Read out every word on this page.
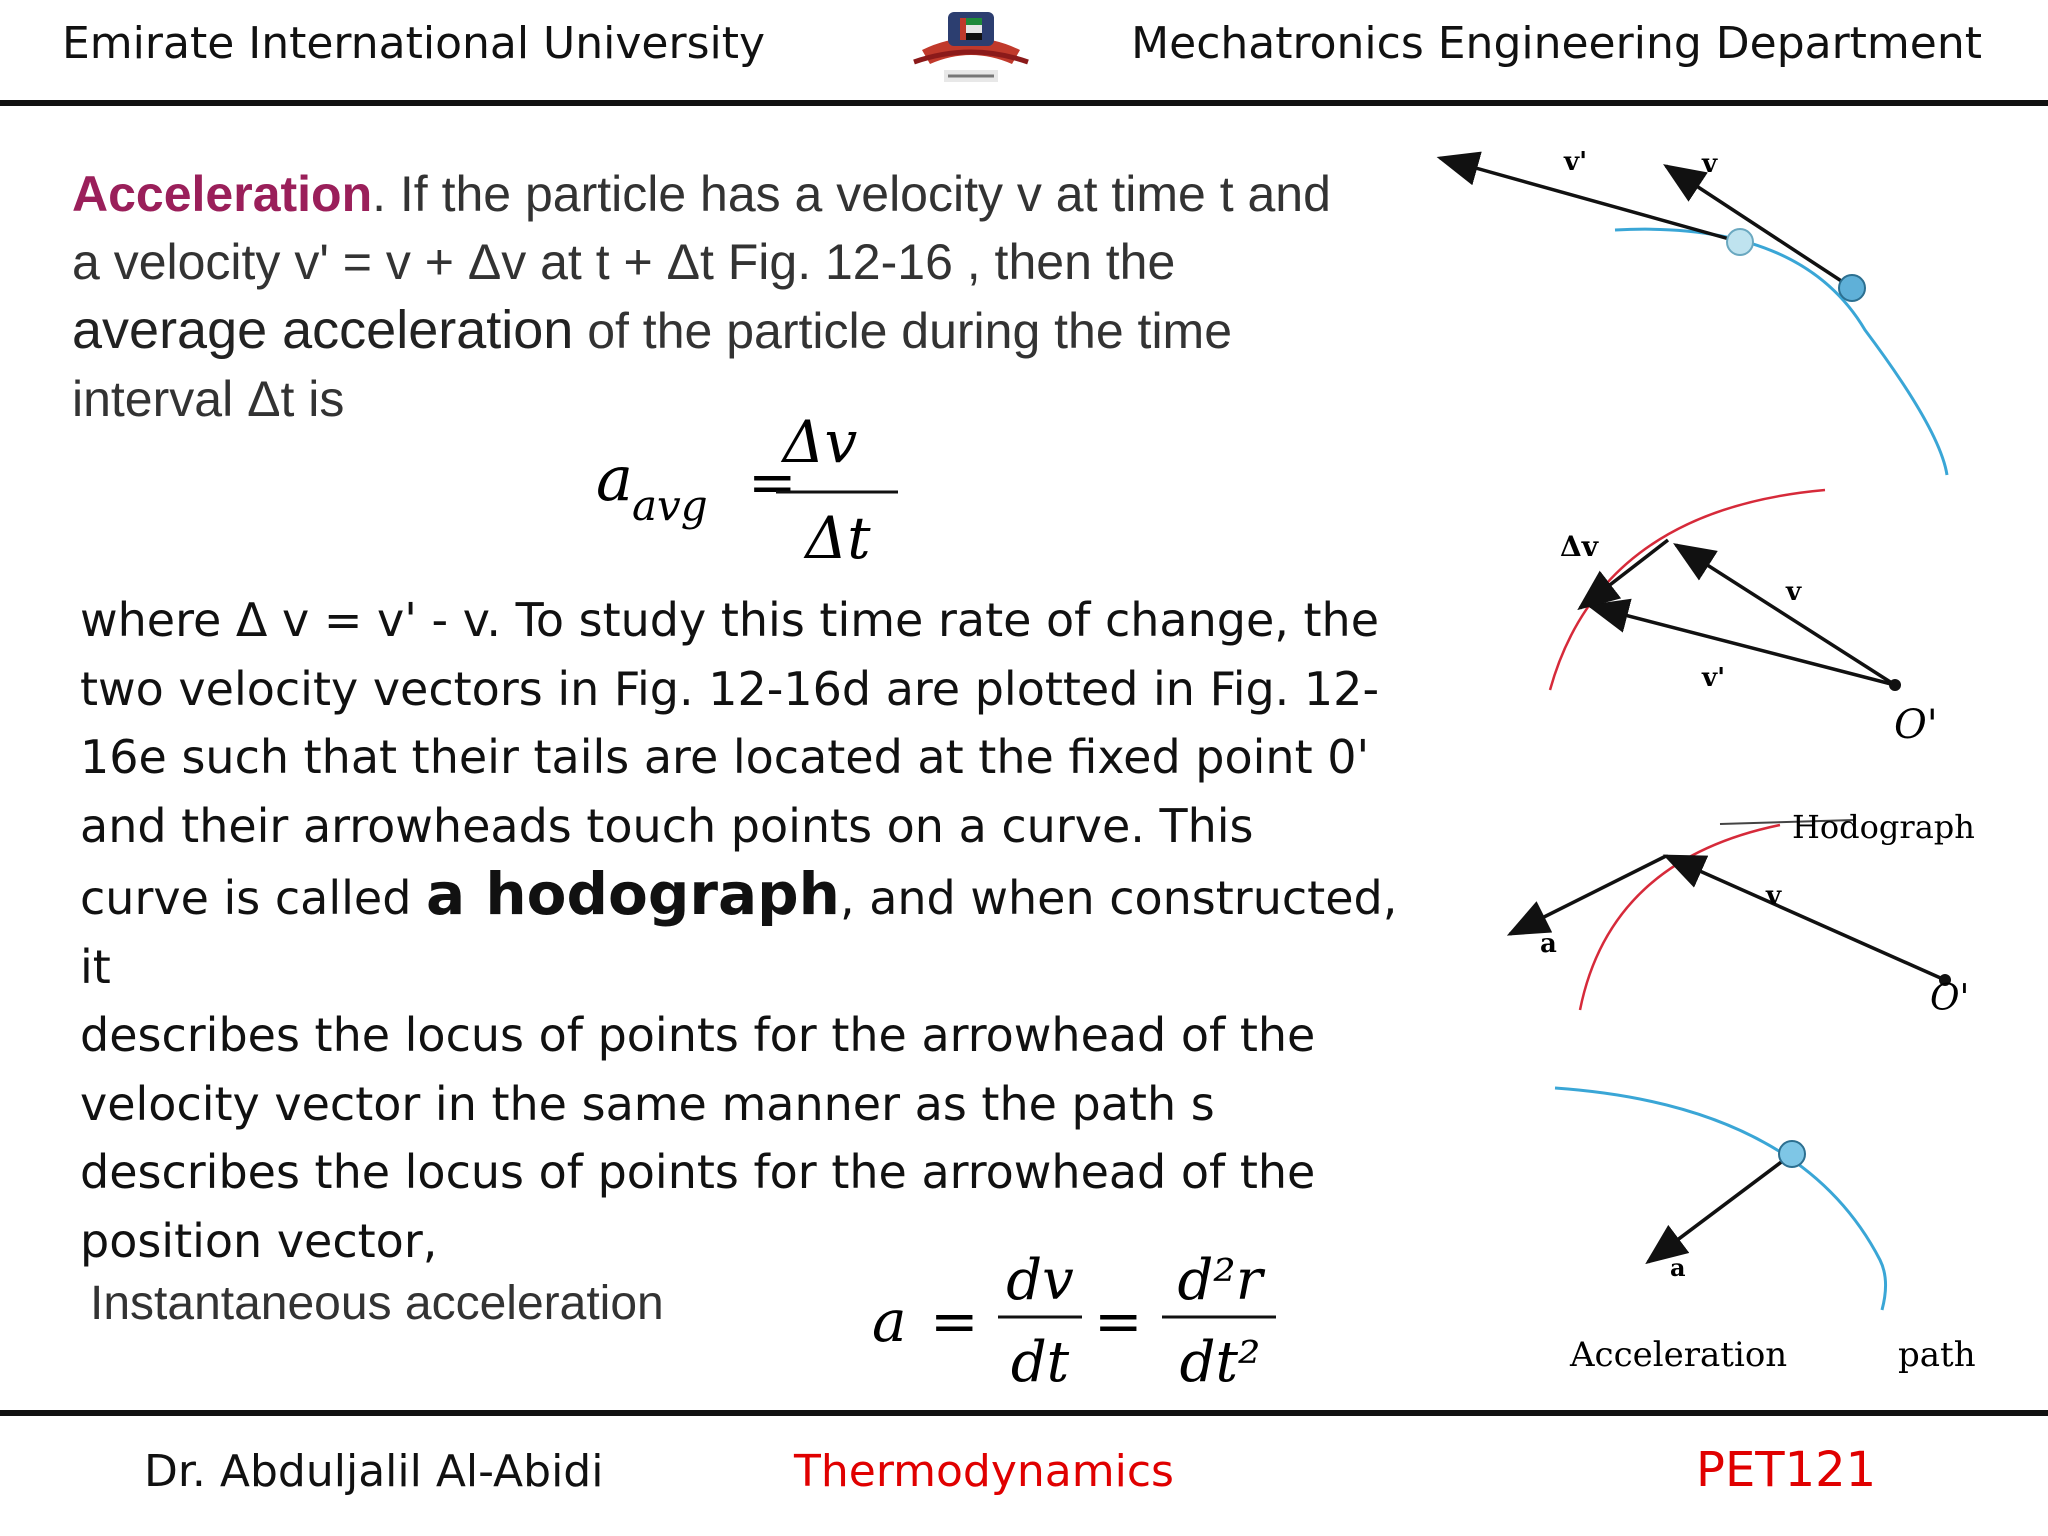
Emirate International University	Mechatronics Engineering Department
Acceleration. If the particle has a velocity v at time t and
a velocity v' = v + Δv at t + Δt Fig. 12-16 , then the
average acceleration of the particle during the time
interval Δt is
a avg =
Δv
Δt
where Δ v = v' - v. To study this time rate of change, the
two velocity vectors in Fig. 12-16d are plotted in Fig. 12-
16e such that their tails are located at the fixed point 0'
and their arrowheads touch points on a curve. This
curve is called a hodograph, and when constructed, it
describes the locus of points for the arrowhead of the
velocity vector in the same manner as the path s
describes the locus of points for the arrowhead of the
position vector,
Instantaneous acceleration	a =
dv
dt
=
d²r
dt²
v'	v
Δv
v
v'
O'
Hodograph
v
a
O'
a
Acceleration	path
Dr. Abduljalil Al-Abidi	Thermodynamics	PET121
